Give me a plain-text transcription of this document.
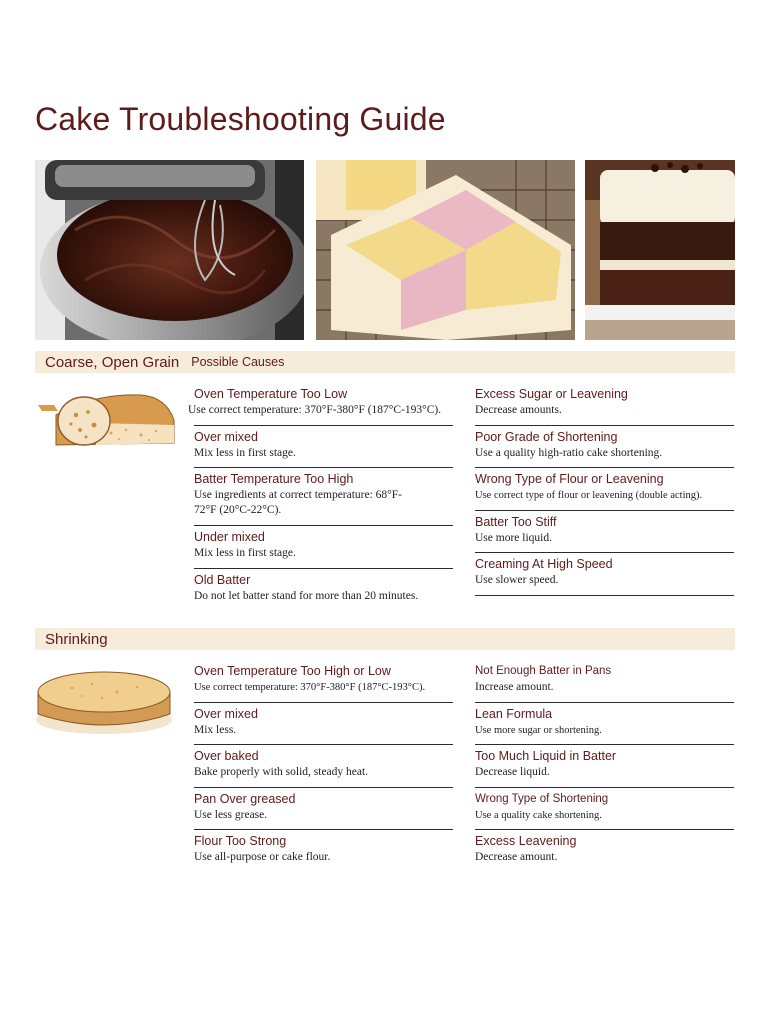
Cake Troubleshooting Guide
Coarse, Open Grain Possible Causes
Oven Temperature Too Low
Use correct temperature: 370°F-380°F (187°C-193°C).
Over mixed
Mix less in first stage.
Batter Temperature Too High
Use ingredients at correct temperature: 68°F-72°F (20°C-22°C).
Under mixed
Mix less in first stage.
Old Batter
Do not let batter stand for more than 20 minutes.
Excess Sugar or Leavening
Decrease amounts.
Poor Grade of Shortening
Use a quality high-ratio cake shortening.
Wrong Type of Flour or Leavening
Use correct type of flour or leavening (double acting).
Batter Too Stiff
Use more liquid.
Creaming At High Speed
Use slower speed.
Shrinking
Oven Temperature Too High or Low
Use correct temperature: 370°F-380°F (187°C-193°C).
Over mixed
Mix less.
Over baked
Bake properly with solid, steady heat.
Pan Over greased
Use less grease.
Flour Too Strong
Use all-purpose or cake flour.
Not Enough Batter in Pans
Increase amount.
Lean Formula
Use more sugar or shortening.
Too Much Liquid in Batter
Decrease liquid.
Wrong Type of Shortening
Use a quality cake shortening.
Excess Leavening
Decrease amount.
